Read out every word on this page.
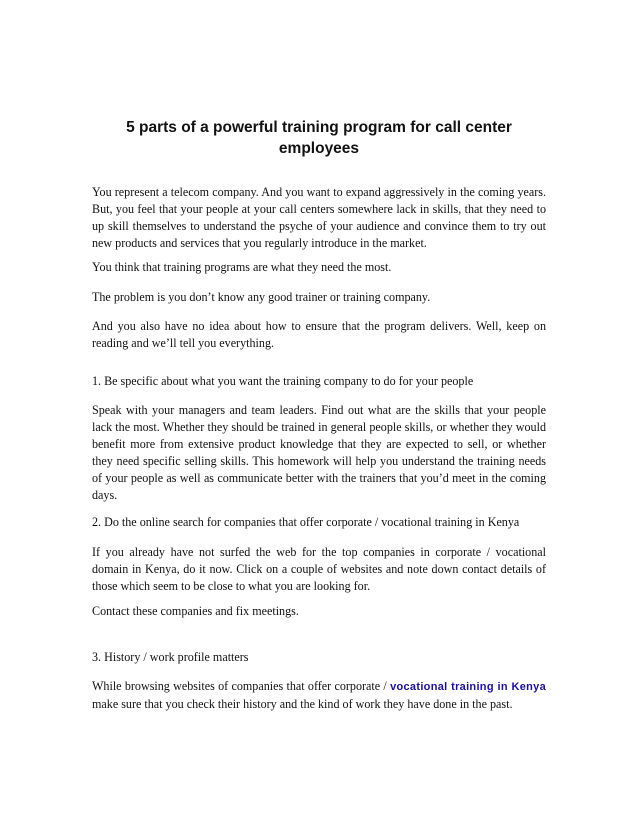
5 parts of a powerful training program for call center employees

You represent a telecom company. And you want to expand aggressively in the coming years. But, you feel that your people at your call centers somewhere lack in skills, that they need to up skill themselves to understand the psyche of your audience and convince them to try out new products and services that you regularly introduce in the market.

You think that training programs are what they need the most.

The problem is you don’t know any good trainer or training company.

And you also have no idea about how to ensure that the program delivers. Well, keep on reading and we’ll tell you everything.

1. Be specific about what you want the training company to do for your people

Speak with your managers and team leaders. Find out what are the skills that your people lack the most. Whether they should be trained in general people skills, or whether they would benefit more from extensive product knowledge that they are expected to sell, or whether they need specific selling skills. This homework will help you understand the training needs of your people as well as communicate better with the trainers that you’d meet in the coming days.

2. Do the online search for companies that offer corporate / vocational training in Kenya

If you already have not surfed the web for the top companies in corporate / vocational domain in Kenya, do it now. Click on a couple of websites and note down contact details of those which seem to be close to what you are looking for.

Contact these companies and fix meetings.

3. History / work profile matters

While browsing websites of companies that offer corporate / vocational training in Kenya make sure that you check their history and the kind of work they have done in the past.
